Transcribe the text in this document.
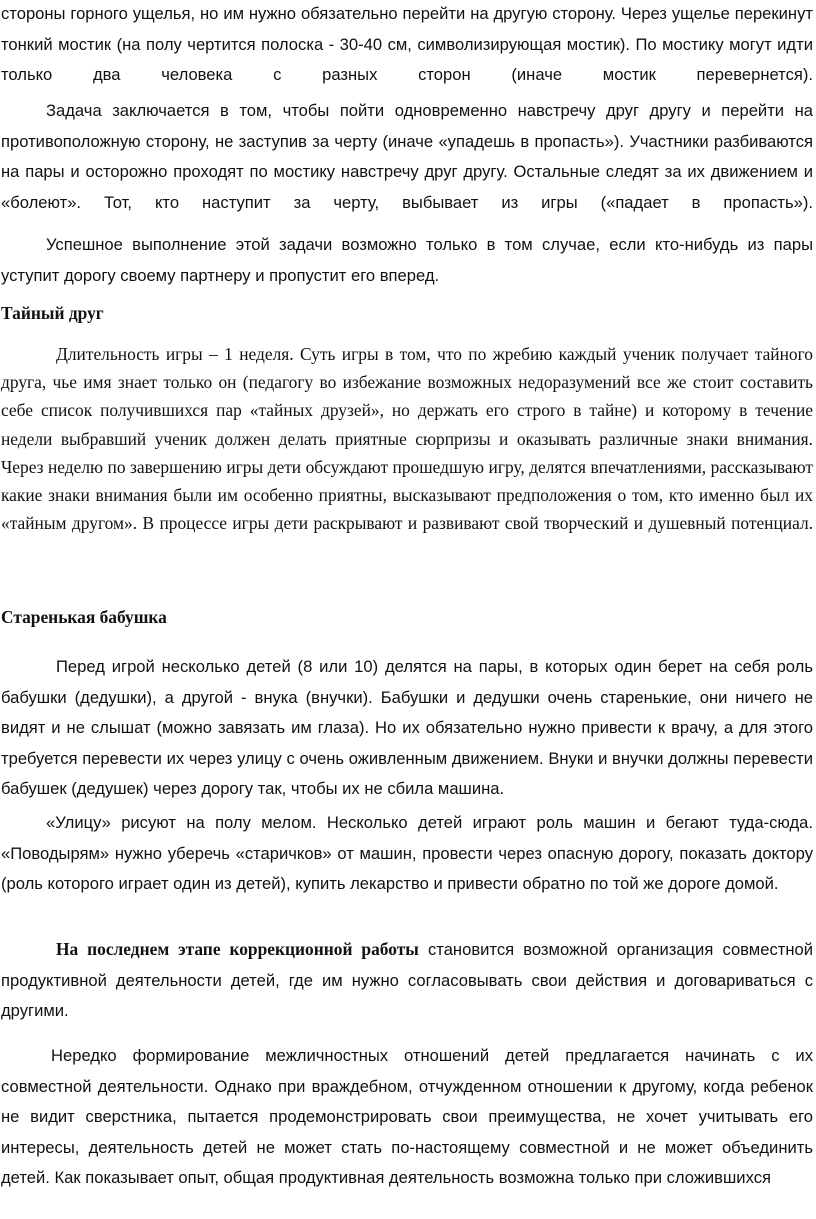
стороны горного ущелья, но им нужно обязательно перейти на другую сторону. Через ущелье перекинут тонкий мостик (на полу чертится полоска - 30-40 см, символизирующая мостик). По мостику могут идти только два человека с разных сторон (иначе мостик перевернется).

Задача заключается в том, чтобы пойти одновременно навстречу друг другу и перейти на противоположную сторону, не заступив за черту (иначе «упадешь в пропасть»). Участники разбиваются на пары и осторожно проходят по мостику навстречу друг другу. Остальные следят за их движением и «болеют». Тот, кто наступит за черту, выбывает из игры («падает в пропасть»).

Успешное выполнение этой задачи возможно только в том случае, если кто-нибудь из пары уступит дорогу своему партнеру и пропустит его вперед.

Тайный друг

Длительность игры – 1 неделя. Суть игры в том, что по жребию каждый ученик получает тайного друга, чье имя знает только он (педагогу во избежание возможных недоразумений все же стоит составить себе список получившихся пар «тайных друзей», но держать его строго в тайне) и которому в течение недели выбравший ученик должен делать приятные сюрпризы и оказывать различные знаки внимания. Через неделю по завершению игры дети обсуждают прошедшую игру, делятся впечатлениями, рассказывают какие знаки внимания были им особенно приятны, высказывают предположения о том, кто именно был их «тайным другом». В процессе игры дети раскрывают и развивают свой творческий и душевный потенциал.

Старенькая бабушка

Перед игрой несколько детей (8 или 10) делятся на пары, в которых один берет на себя роль бабушки (дедушки), а другой - внука (внучки). Бабушки и дедушки очень старенькие, они ничего не видят и не слышат (можно завязать им глаза). Но их обязательно нужно привести к врачу, а для этого требуется перевести их через улицу с очень оживленным движением. Внуки и внучки должны перевести бабушек (дедушек) через дорогу так, чтобы их не сбила машина.

«Улицу» рисуют на полу мелом. Несколько детей играют роль машин и бегают туда-сюда. «Поводырям» нужно уберечь «старичков» от машин, провести через опасную дорогу, показать доктору (роль которого играет один из детей), купить лекарство и привести обратно по той же дороге домой.

На последнем этапе коррекционной работы становится возможной организация совместной продуктивной деятельности детей, где им нужно согласовывать свои действия и договариваться с другими.

Нередко формирование межличностных отношений детей предлагается начинать с их совместной деятельности. Однако при враждебном, отчужденном отношении к другому, когда ребенок не видит сверстника, пытается продемонстрировать свои преимущества, не хочет учитывать его интересы, деятельность детей не может стать по-настоящему совместной и не может объединить детей. Как показывает опыт, общая продуктивная деятельность возможна только при сложившихся
